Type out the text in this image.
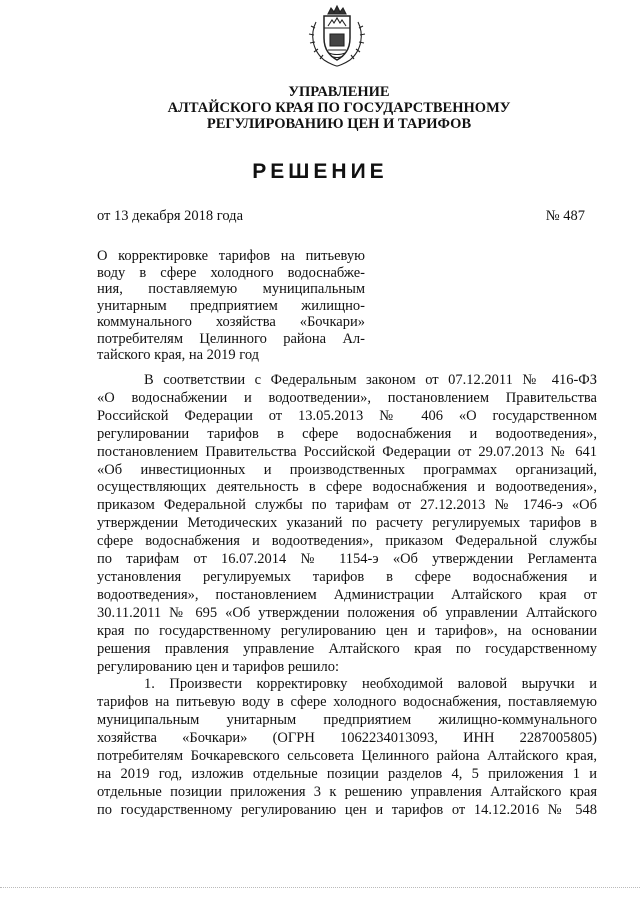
УПРАВЛЕНИЕ
АЛТАЙСКОГО КРАЯ ПО ГОСУДАРСТВЕННОМУ
РЕГУЛИРОВАНИЮ ЦЕН И ТАРИФОВ
РЕШЕНИЕ
от 13 декабря 2018 года	№ 487
О корректировке тарифов на питьевую
воду в сфере холодного водоснабже-
ния, поставляемую муниципальным
унитарным предприятием жилищно-
коммунального хозяйства «Бочкари»
потребителям Целинного района Ал-
тайского края, на 2019 год
В соответствии с Федеральным законом от 07.12.2011 № 416-ФЗ
«О водоснабжении и водоотведении», постановлением Правительства
Российской Федерации от 13.05.2013 № 406 «О государственном
регулировании тарифов в сфере водоснабжения и водоотведения»,
постановлением Правительства Российской Федерации от 29.07.2013 № 641
«Об инвестиционных и производственных программах организаций,
осуществляющих деятельность в сфере водоснабжения и водоотведения»,
приказом Федеральной службы по тарифам от 27.12.2013 № 1746-э «Об
утверждении Методических указаний по расчету регулируемых тарифов в
сфере водоснабжения и водоотведения», приказом Федеральной службы
по тарифам от 16.07.2014 № 1154-э «Об утверждении Регламента
установления регулируемых тарифов в сфере водоснабжения и
водоотведения», постановлением Администрации Алтайского края от
30.11.2011 № 695 «Об утверждении положения об управлении Алтайского
края по государственному регулированию цен и тарифов», на основании
решения правления управление Алтайского края по государственному
регулированию цен и тарифов решило:
1. Произвести корректировку необходимой валовой выручки и
тарифов на питьевую воду в сфере холодного водоснабжения, поставляемую
муниципальным унитарным предприятием жилищно-коммунального
хозяйства «Бочкари» (ОГРН 1062234013093, ИНН 2287005805)
потребителям Бочкаревского сельсовета Целинного района Алтайского края,
на 2019 год, изложив отдельные позиции разделов 4, 5 приложения 1 и
отдельные позиции приложения 3 к решению управления Алтайского края
по государственному регулированию цен и тарифов от 14.12.2016 № 548
